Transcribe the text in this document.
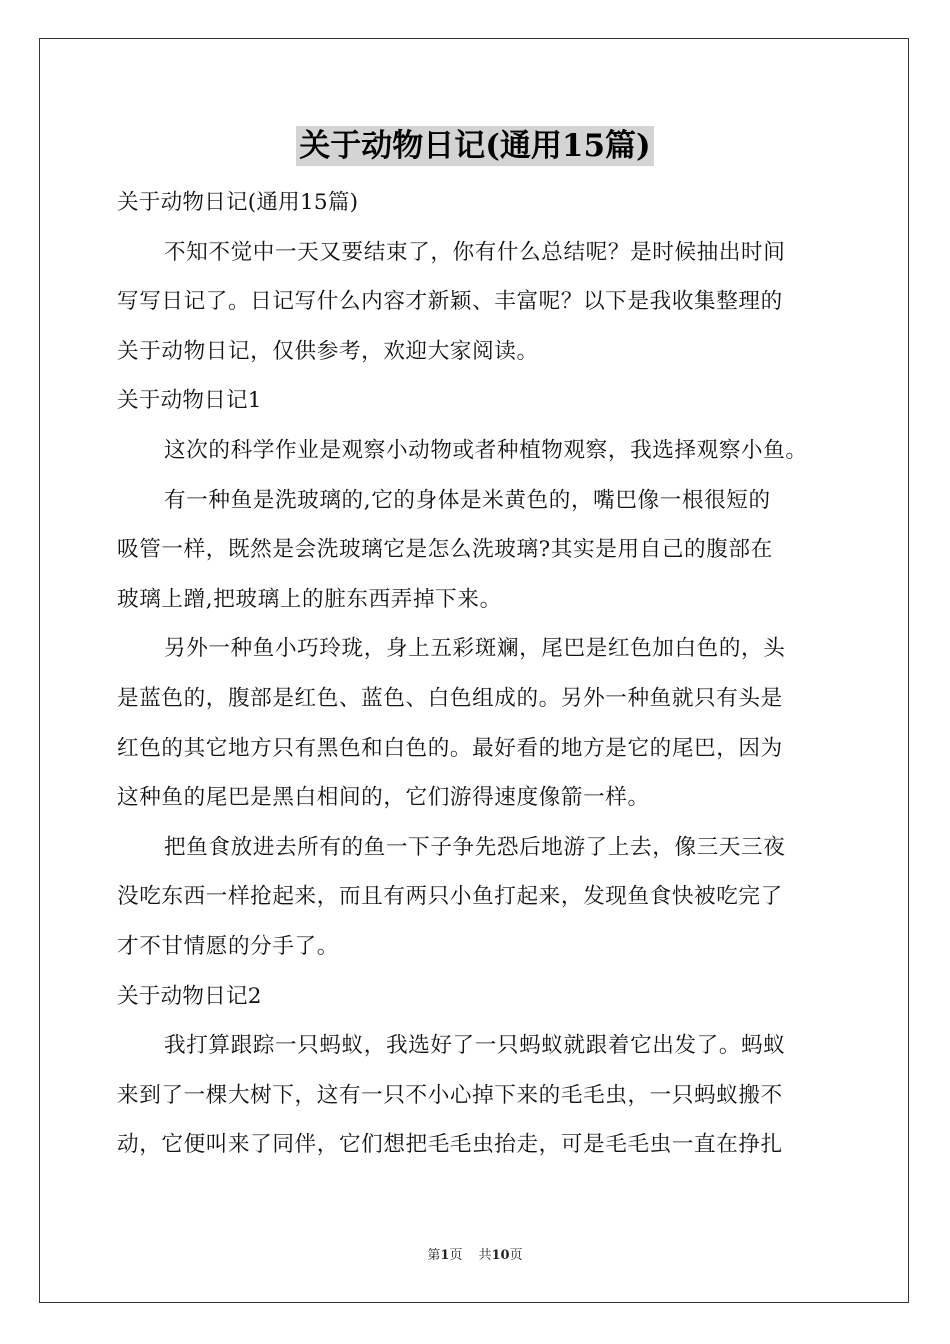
关于动物日记(通用15篇)
关于动物日记(通用15篇)
不知不觉中一天又要结束了，你有什么总结呢？是时候抽出时间
写写日记了。日记写什么内容才新颖、丰富呢？以下是我收集整理的
关于动物日记，仅供参考，欢迎大家阅读。
关于动物日记1
这次的科学作业是观察小动物或者种植物观察，我选择观察小鱼。
有一种鱼是洗玻璃的,它的身体是米黄色的，嘴巴像一根很短的
吸管一样，既然是会洗玻璃它是怎么洗玻璃?其实是用自己的腹部在
玻璃上蹭,把玻璃上的脏东西弄掉下来。
另外一种鱼小巧玲珑，身上五彩斑斓，尾巴是红色加白色的，头
是蓝色的，腹部是红色、蓝色、白色组成的。另外一种鱼就只有头是
红色的其它地方只有黑色和白色的。最好看的地方是它的尾巴，因为
这种鱼的尾巴是黑白相间的，它们游得速度像箭一样。
把鱼食放进去所有的鱼一下子争先恐后地游了上去，像三天三夜
没吃东西一样抢起来，而且有两只小鱼打起来，发现鱼食快被吃完了
才不甘情愿的分手了。
关于动物日记2
我打算跟踪一只蚂蚁，我选好了一只蚂蚁就跟着它出发了。蚂蚁
来到了一棵大树下，这有一只不小心掉下来的毛毛虫，一只蚂蚁搬不
动，它便叫来了同伴，它们想把毛毛虫抬走，可是毛毛虫一直在挣扎
第1页 共10页
